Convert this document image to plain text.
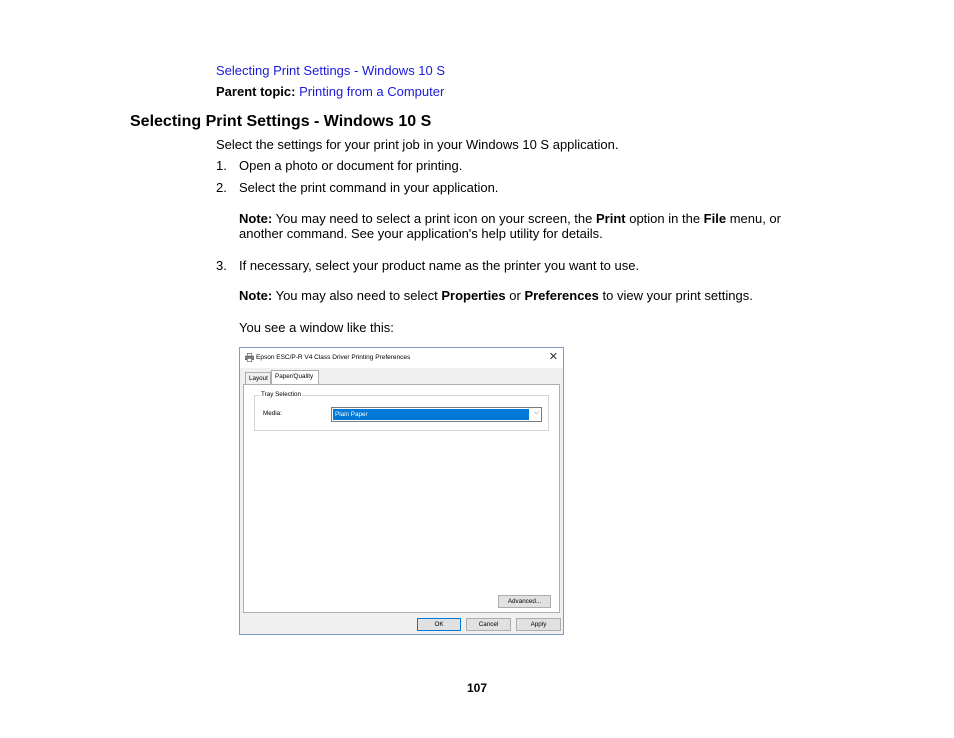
Selecting Print Settings - Windows 10 S
Parent topic: Printing from a Computer
Selecting Print Settings - Windows 10 S
Select the settings for your print job in your Windows 10 S application.
1. Open a photo or document for printing.
2. Select the print command in your application.
Note: You may need to select a print icon on your screen, the Print option in the File menu, or
another command. See your application's help utility for details.
3. If necessary, select your product name as the printer you want to use.
Note: You may also need to select Properties or Preferences to view your print settings.
You see a window like this:
Epson ESC/P-R V4 Class Driver Printing Preferences	✕
Layout	Paper/Quality
Tray Selection
Media:	Plain Paper	⌵
Advanced...
OK	Cancel	Apply
107
